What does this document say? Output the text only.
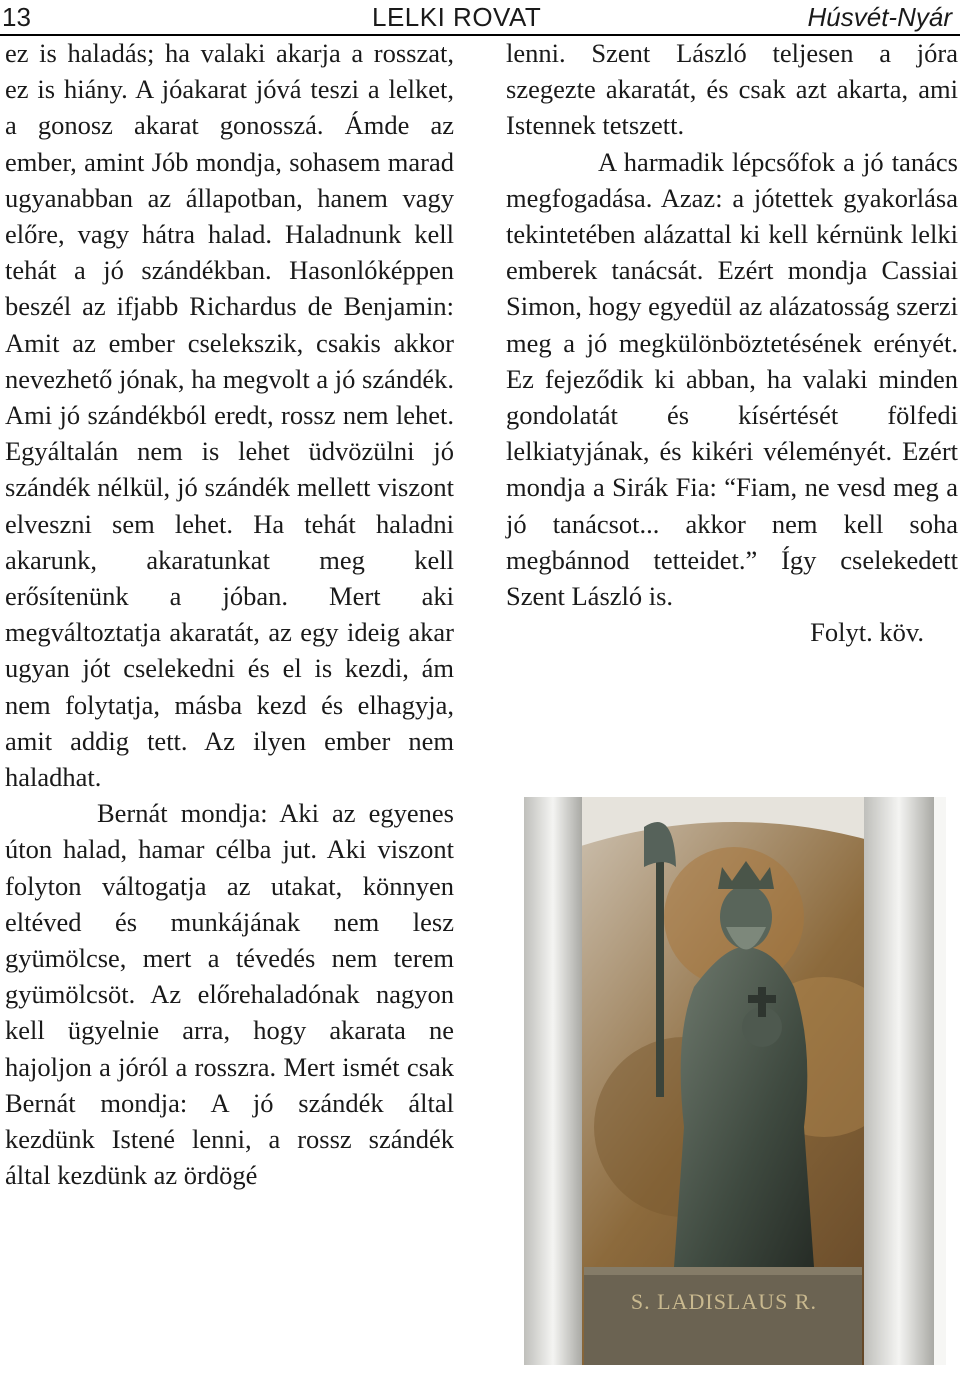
13	LELKI ROVAT	Húsvét-Nyár

ez is haladás; ha valaki akarja a rosszat, ez is hiány. A jóakarat jóvá teszi a lelket, a gonosz akarat gonosszá. Ámde az ember, amint Jób mondja, sohasem marad ugyanabban az állapotban, hanem vagy előre, vagy hátra halad. Haladnunk kell tehát a jó szándékban. Hasonlóképpen beszél az ifjabb Richardus de Benjamin: Amit az ember cselekszik, csakis akkor nevezhető jónak, ha megvolt a jó szándék. Ami jó szándékból eredt, rossz nem lehet. Egyáltalán nem is lehet üdvözülni jó szándék nélkül, jó szándék mellett viszont elveszni sem lehet. Ha tehát haladni akarunk, akaratunkat meg kell erősítenünk a jóban. Mert aki megváltoztatja akaratát, az egy ideig akar ugyan jót cselekedni és el is kezdi, ám nem folytatja, másba kezd és elhagyja, amit addig tett. Az ilyen ember nem haladhat.

Bernát mondja: Aki az egyenes úton halad, hamar célba jut. Aki viszont folyton váltogatja az utakat, könnyen eltéved és munkájának nem lesz gyümölcse, mert a tévedés nem terem gyümölcsöt. Az előrehaladónak nagyon kell ügyelnie arra, hogy akarata ne hajoljon a jóról a rosszra. Mert ismét csak Bernát mondja: A jó szándék által kezdünk Istené lenni, a rossz szándék által kezdünk az ördögé

lenni. Szent László teljesen a jóra szegezte akaratát, és csak azt akarta, ami Istennek tetszett.

A harmadik lépcsőfok a jó tanács megfogadása. Azaz: a jótettek gyakorlása tekintetében alázattal ki kell kérnünk lelki emberek tanácsát. Ezért mondja Cassiai Simon, hogy egyedül az alázatosság szerzi meg a jó megkülönböztetésének erényét. Ez fejeződik ki abban, ha valaki minden gondolatát és kísértését fölfedi lelkiatyjának, és kikéri véleményét. Ezért mondja a Sirák Fia: “Fiam, ne vesd meg a jó tanácsot... akkor nem kell soha megbánnod tetteidet.” Így cselekedett Szent László is.

Folyt. köv.

S. LADISLAUS R.
